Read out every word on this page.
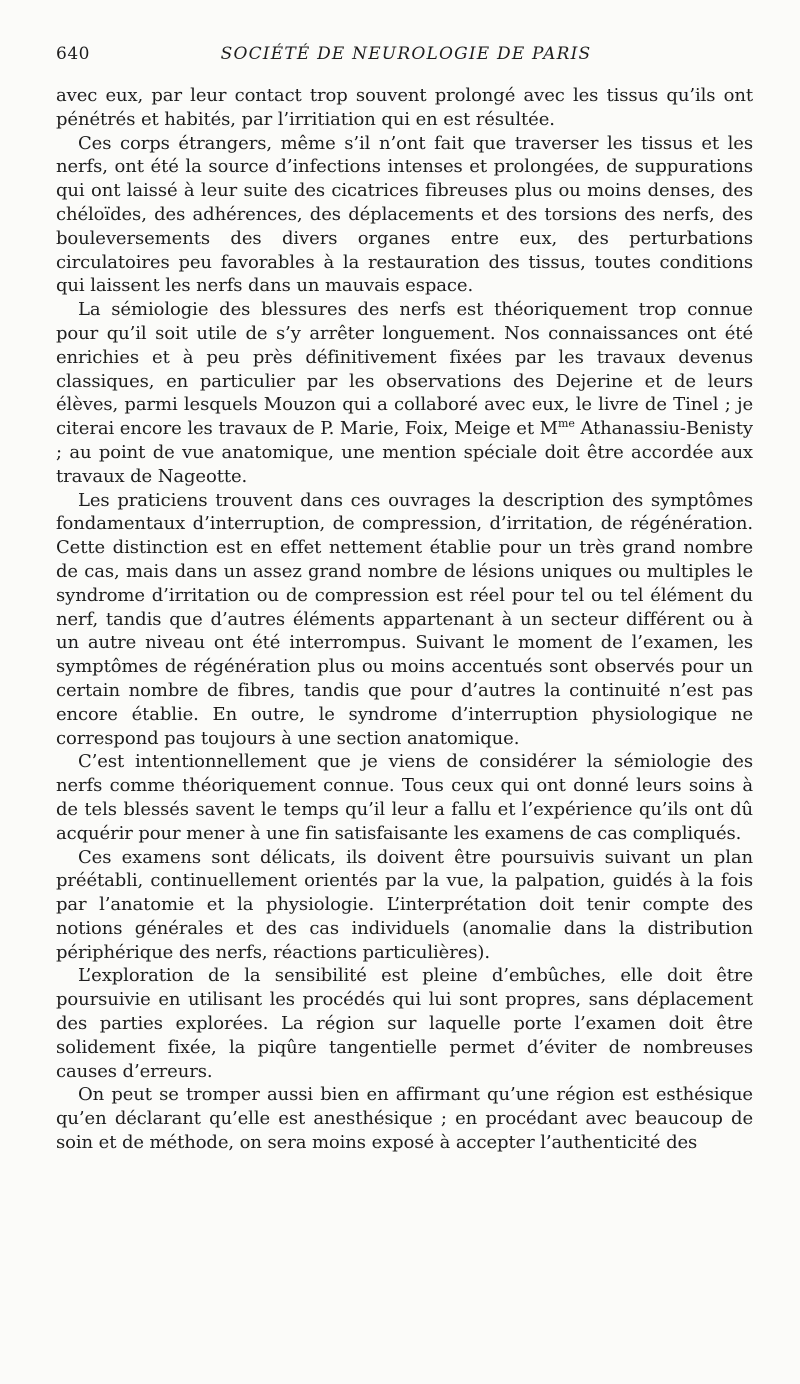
640	SOCIÉTÉ DE NEUROLOGIE DE PARIS

avec eux, par leur contact trop souvent prolongé avec les tissus qu’ils ont pénétrés et habités, par l’irritiation qui en est résultée.

Ces corps étrangers, même s’il n’ont fait que traverser les tissus et les nerfs, ont été la source d’infections intenses et prolongées, de suppurations qui ont laissé à leur suite des cicatrices fibreuses plus ou moins denses, des chéloïdes, des adhérences, des déplacements et des torsions des nerfs, des bouleversements des divers organes entre eux, des perturbations circulatoires peu favorables à la restauration des tissus, toutes conditions qui laissent les nerfs dans un mauvais espace.

La sémiologie des blessures des nerfs est théoriquement trop connue pour qu’il soit utile de s’y arrêter longuement. Nos connaissances ont été enrichies et à peu près définitivement fixées par les travaux devenus classiques, en particulier par les observations des Dejerine et de leurs élèves, parmi lesquels Mouzon qui a collaboré avec eux, le livre de Tinel ; je citerai encore les travaux de P. Marie, Foix, Meige et $M^{me}$ Athanassiu-Benisty ; au point de vue anatomique, une mention spéciale doit être accordée aux travaux de Nageotte.

Les praticiens trouvent dans ces ouvrages la description des symptômes fondamentaux d’interruption, de compression, d’irritation, de régénération. Cette distinction est en effet nettement établie pour un très grand nombre de cas, mais dans un assez grand nombre de lésions uniques ou multiples le syndrome d’irritation ou de compression est réel pour tel ou tel élément du nerf, tandis que d’autres éléments appartenant à un secteur différent ou à un autre niveau ont été interrompus. Suivant le moment de l’examen, les symptômes de régénération plus ou moins accentués sont observés pour un certain nombre de fibres, tandis que pour d’autres la continuité n’est pas encore établie. En outre, le syndrome d’interruption physiologique ne correspond pas toujours à une section anatomique.

C’est intentionnellement que je viens de considérer la sémiologie des nerfs comme théoriquement connue. Tous ceux qui ont donné leurs soins à de tels blessés savent le temps qu’il leur a fallu et l’expérience qu’ils ont dû acquérir pour mener à une fin satisfaisante les examens de cas compliqués.

Ces examens sont délicats, ils doivent être poursuivis suivant un plan préétabli, continuellement orientés par la vue, la palpation, guidés à la fois par l’anatomie et la physiologie. L’interprétation doit tenir compte des notions générales et des cas individuels (anomalie dans la distribution périphérique des nerfs, réactions particulières).

L’exploration de la sensibilité est pleine d’embûches, elle doit être poursuivie en utilisant les procédés qui lui sont propres, sans déplacement des parties explorées. La région sur laquelle porte l’examen doit être solidement fixée, la piqûre tangentielle permet d’éviter de nombreuses causes d’erreurs.

On peut se tromper aussi bien en affirmant qu’une région est esthésique qu’en déclarant qu’elle est anesthésique ; en procédant avec beaucoup de soin et de méthode, on sera moins exposé à accepter l’authenticité des
